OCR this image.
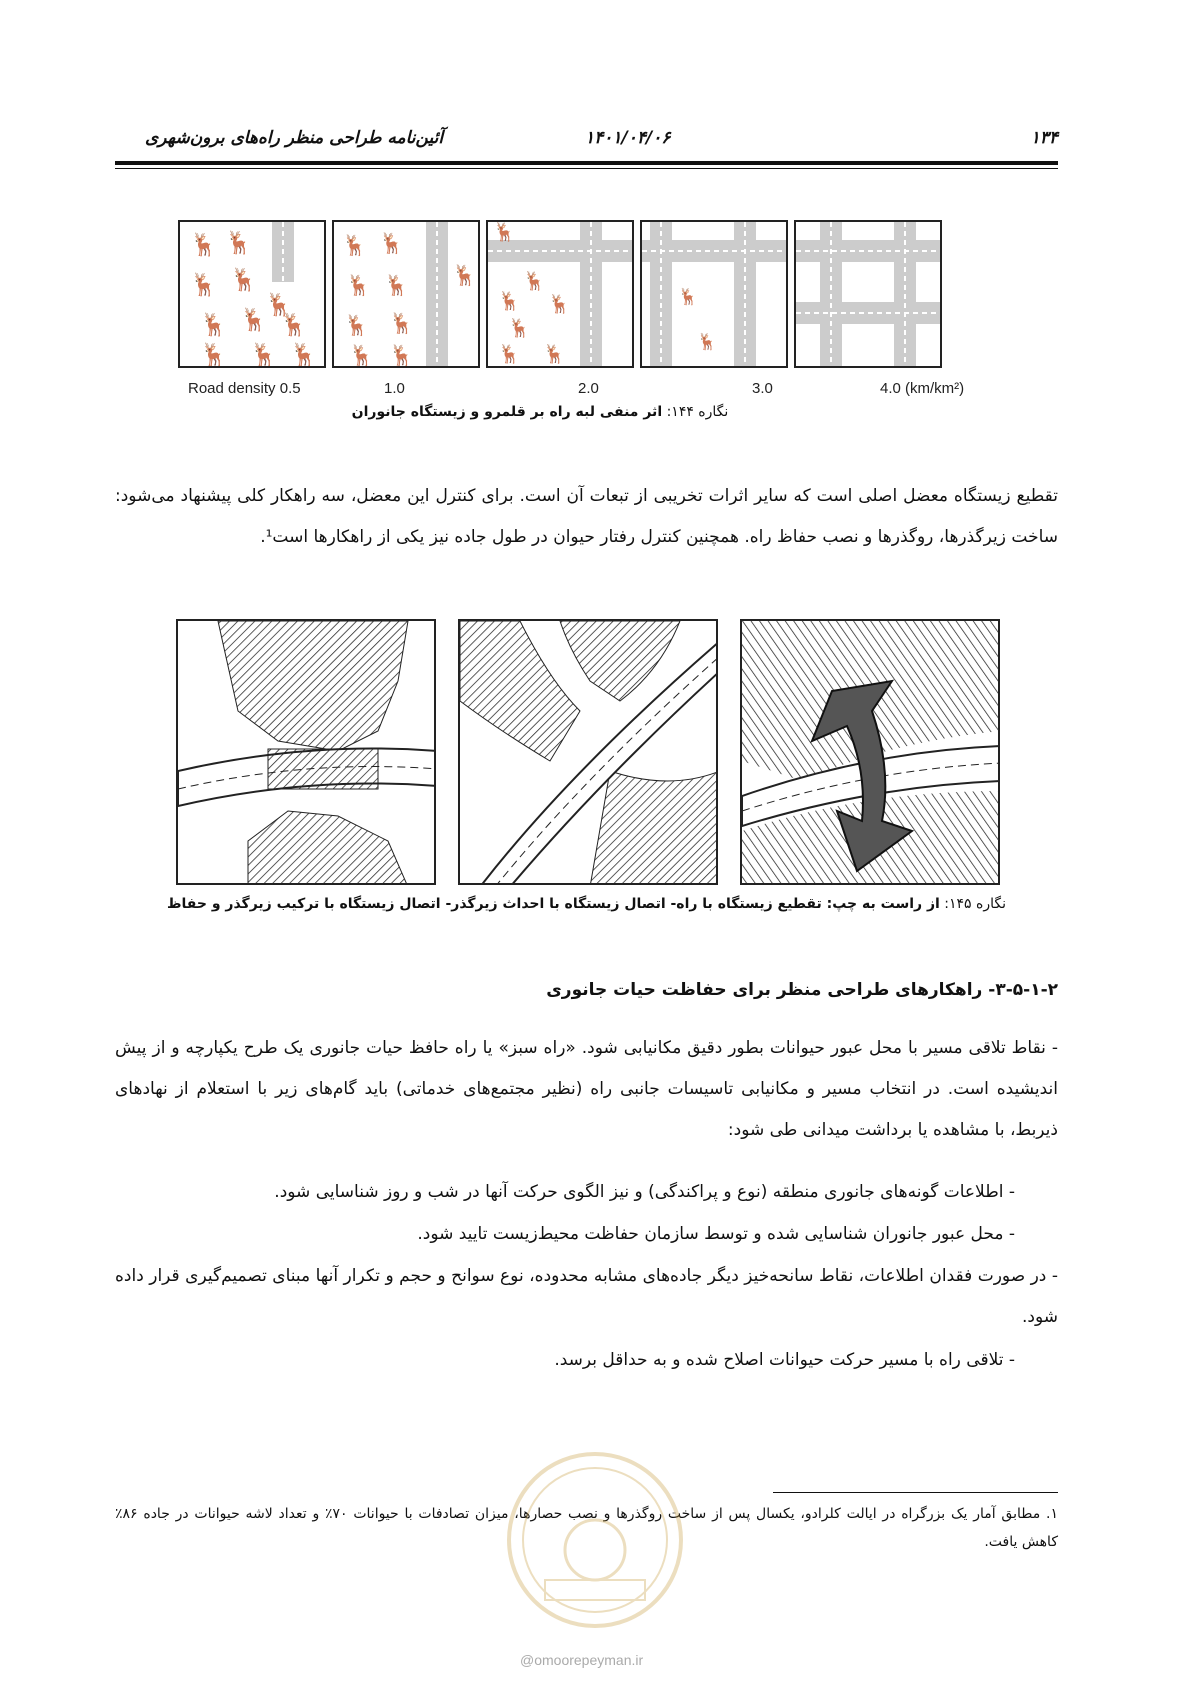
۱۳۴
۱۴۰۱/۰۴/۰۶
آئین‌نامه طراحی منظر راه‌های برون‌شهری
🦌 🦌
🦌 🦌
🦌
🦌 🦌 🦌
🦌 🦌 🦌
🦌 🦌
🦌 🦌
🦌 🦌
🦌 🦌
🦌
🦌
🦌
🦌 🦌
🦌
🦌 🦌
🦌
🦌
Road density 0.5	1.0	2.0	3.0	4.0 (km/km²)
نگاره ۱۴۴: اثر منفی لبه راه بر قلمرو و زیستگاه جانوران
تقطیع زیستگاه معضل اصلی است که سایر اثرات تخریبی از تبعات آن است. برای کنترل این معضل، سه راهکار کلی پیشنهاد می‌شود: ساخت زیرگذرها، روگذرها و نصب حفاظ راه. همچنین کنترل رفتار حیوان در طول جاده نیز یکی از راهکارها است¹.
نگاره ۱۴۵: از راست به چپ: تقطیع زیستگاه با راه- اتصال زیستگاه با احداث زیرگذر- اتصال زیستگاه با ترکیب زیرگذر و حفاظ
۳-۵-۱-۲- راهکارهای طراحی منظر برای حفاظت حیات جانوری
- نقاط تلاقی مسیر با محل عبور حیوانات بطور دقیق مکانیابی شود. «راه سبز» یا راه حافظ حیات جانوری یک طرح یکپارچه و از پیش اندیشیده است. در انتخاب مسیر و مکانیابی تاسیسات جانبی راه (نظیر مجتمع‌های خدماتی) باید گام‌های زیر با استعلام از نهادهای ذیربط، با مشاهده یا برداشت میدانی طی شود:
- اطلاعات گونه‌های جانوری منطقه (نوع و پراکندگی) و نیز الگوی حرکت آنها در شب و روز شناسایی شود.
- محل عبور جانوران شناسایی شده و توسط سازمان حفاظت محیط‌زیست تایید شود.
- در صورت فقدان اطلاعات، نقاط سانحه‌خیز دیگر جاده‌های مشابه محدوده، نوع سوانح و حجم و تکرار آنها مبنای تصمیم‌گیری قرار داده شود.
- تلاقی راه با مسیر حرکت حیوانات اصلاح شده و به حداقل برسد.
۱. مطابق آمار یک بزرگراه در ایالت کلرادو، یکسال پس از ساخت روگذرها و نصب حصارها، میزان تصادفات با حیوانات ۷۰٪ و تعداد لاشه حیوانات در جاده ۸۶٪ کاهش یافت.
@omoorepeyman.ir
